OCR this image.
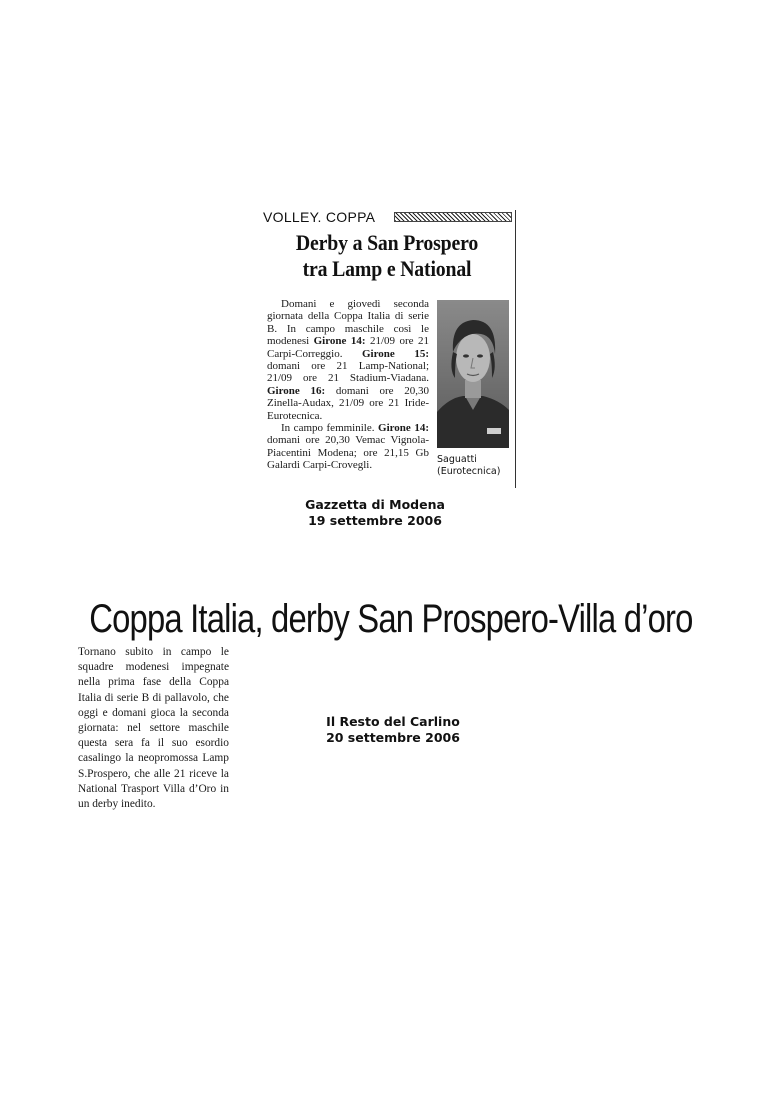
VOLLEY. COPPA
Derby a San Prospero
tra Lamp e National

Domani e giovedì seconda giornata della Coppa Italia di serie B. In campo maschile così le modenesi Girone 14: 21/09 ore 21 Carpi-Correggio. Girone 15: domani ore 21 Lamp-National; 21/09 ore 21 Stadium-Viadana. Girone 16: domani ore 20,30 Zinella-Audax, 21/09 ore 21 Iride-Eurotecnica.

In campo femminile. Girone 14: domani ore 20,30 Vemac Vignola-Piacentini Modena; ore 21,15 Gb Galardi Carpi-Crovegli.	Saguatti
(Eurotecnica)
Gazzetta di Modena
19 settembre 2006
Coppa Italia, derby San Prospero-Villa d’oro

Tornano subito in campo le squadre modenesi impegnate nella prima fase della Coppa Italia di serie B di pallavolo, che oggi e domani gioca la seconda giornata: nel settore maschile questa sera fa il suo esordio casalingo la neopromossa Lamp S.Prospero, che alle 21 riceve la National Trasport Villa d’Oro in un derby inedito.

Il Resto del Carlino
20 settembre 2006
